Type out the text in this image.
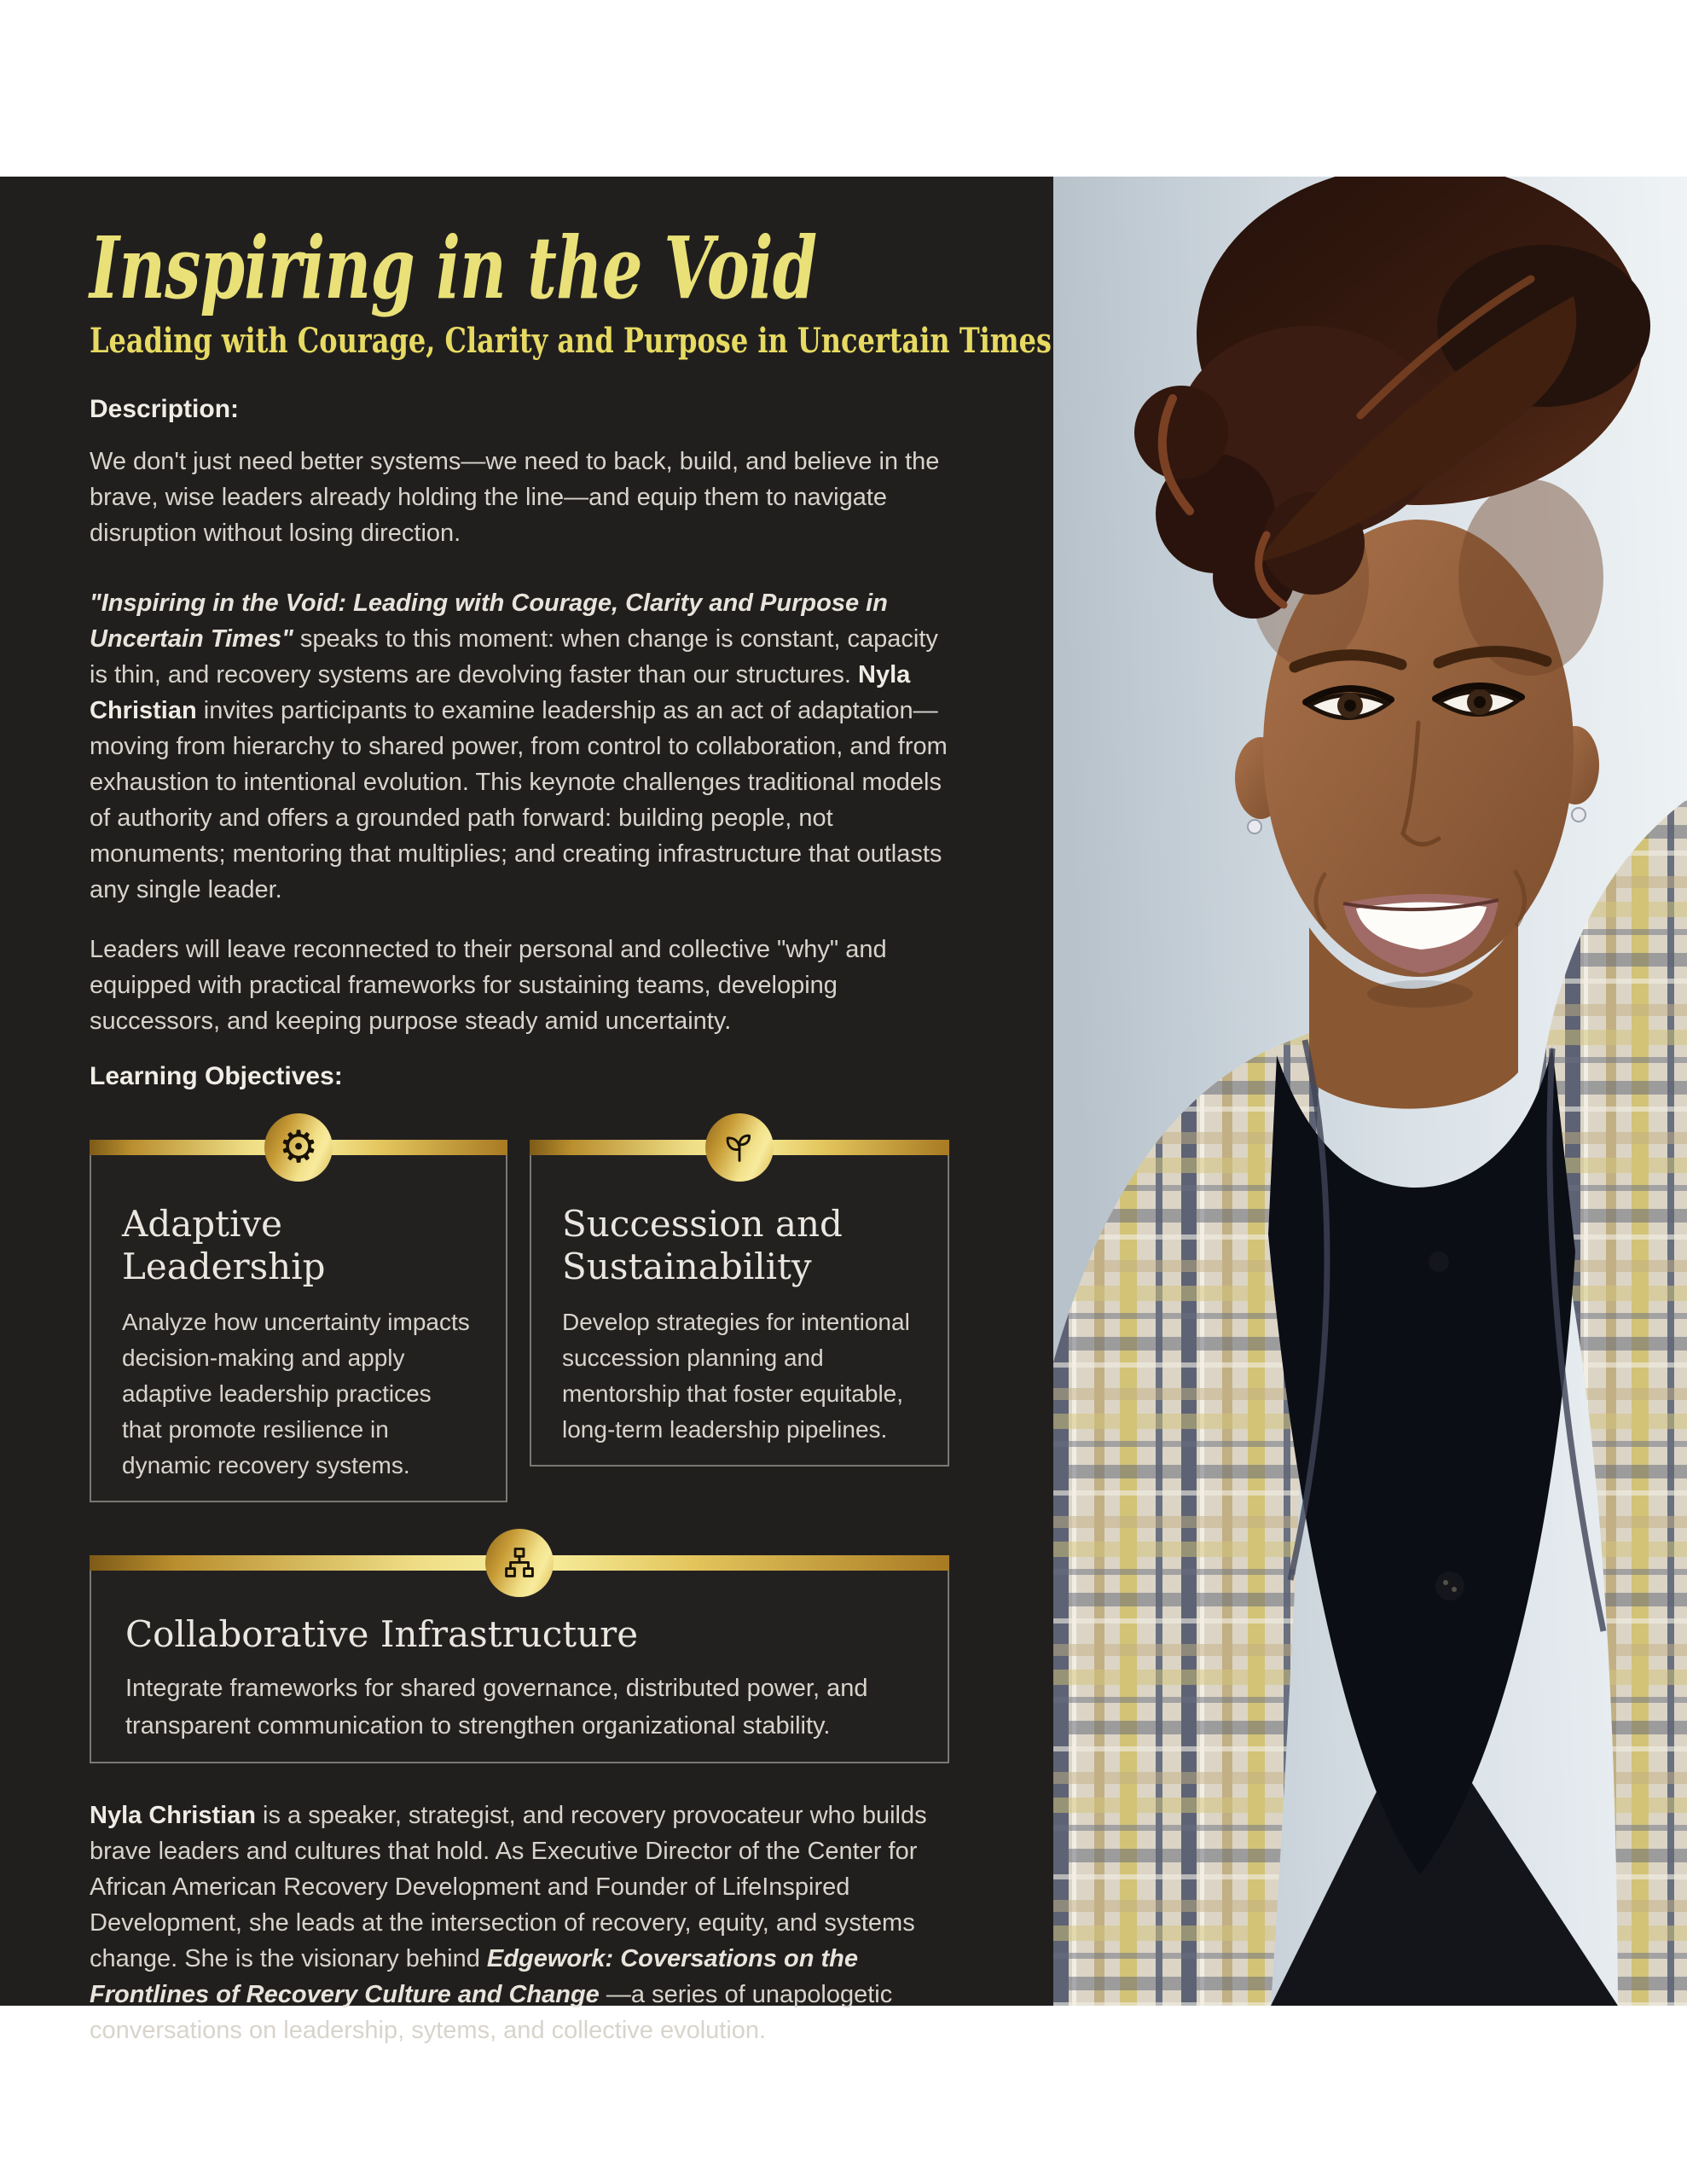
Inspiring in the Void
Leading with Courage, Clarity and Purpose in Uncertain Times

Description:

We don't just need better systems—we need to back, build, and believe in the brave, wise leaders already holding the line—and equip them to navigate disruption without losing direction.

"Inspiring in the Void: Leading with Courage, Clarity and Purpose in Uncertain Times" speaks to this moment: when change is constant, capacity is thin, and recovery systems are devolving faster than our structures. Nyla Christian invites participants to examine leadership as an act of adaptation—moving from hierarchy to shared power, from control to collaboration, and from exhaustion to intentional evolution. This keynote challenges traditional models of authority and offers a grounded path forward: building people, not monuments; mentoring that multiplies; and creating infrastructure that outlasts any single leader.

Leaders will leave reconnected to their personal and collective "why" and equipped with practical frameworks for sustaining teams, developing successors, and keeping purpose steady amid uncertainty.

Learning Objectives:

⚙
Adaptive Leadership

Analyze how uncertainty impacts decision-making and apply adaptive leadership practices that promote resilience in dynamic recovery systems.

Succession and Sustainability

Develop strategies for intentional succession planning and mentorship that foster equitable, long-term leadership pipelines.

Collaborative Infrastructure

Integrate frameworks for shared governance, distributed power, and transparent communication to strengthen organizational stability.

Nyla Christian is a speaker, strategist, and recovery provocateur who builds brave leaders and cultures that hold. As Executive Director of the Center for African American Recovery Development and Founder of LifeInspired Development, she leads at the intersection of recovery, equity, and systems change. She is the visionary behind Edgework: Coversations on the Frontlines of Recovery Culture and Change —a series of unapologetic conversations on leadership, sytems, and collective evolution.
